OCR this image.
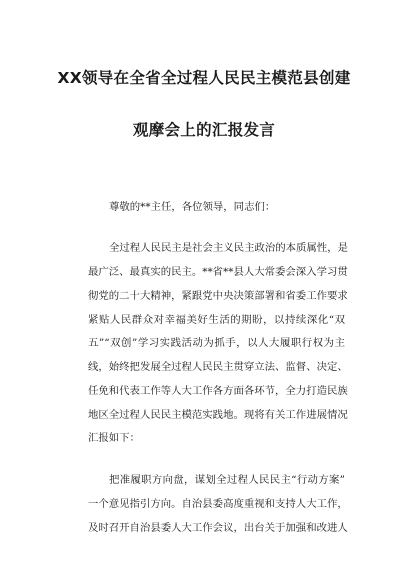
XX领导在全省全过程人民民主模范县创建
观摩会上的汇报发言
尊敬的**主任，各位领导，同志们：
全过程人民民主是社会主义民主政治的本质属性，是
最广泛、最真实的民主。**省**县人大常委会深入学习贯
彻党的二十大精神，紧跟党中央决策部署和省委工作要求
紧贴人民群众对幸福美好生活的期盼，以持续深化“双
五”“双创”学习实践活动为抓手，以人大履职行权为主
线，始终把发展全过程人民民主贯穿立法、监督、决定、
任免和代表工作等人大工作各方面各环节，全力打造民族
地区全过程人民民主模范实践地。现将有关工作进展情况
汇报如下：
把准履职方向盘，谋划全过程人民民主“行动方案”
一个意见指引方向。自治县委高度重视和支持人大工作，
及时召开自治县委人大工作会议，出台关于加强和改进人
